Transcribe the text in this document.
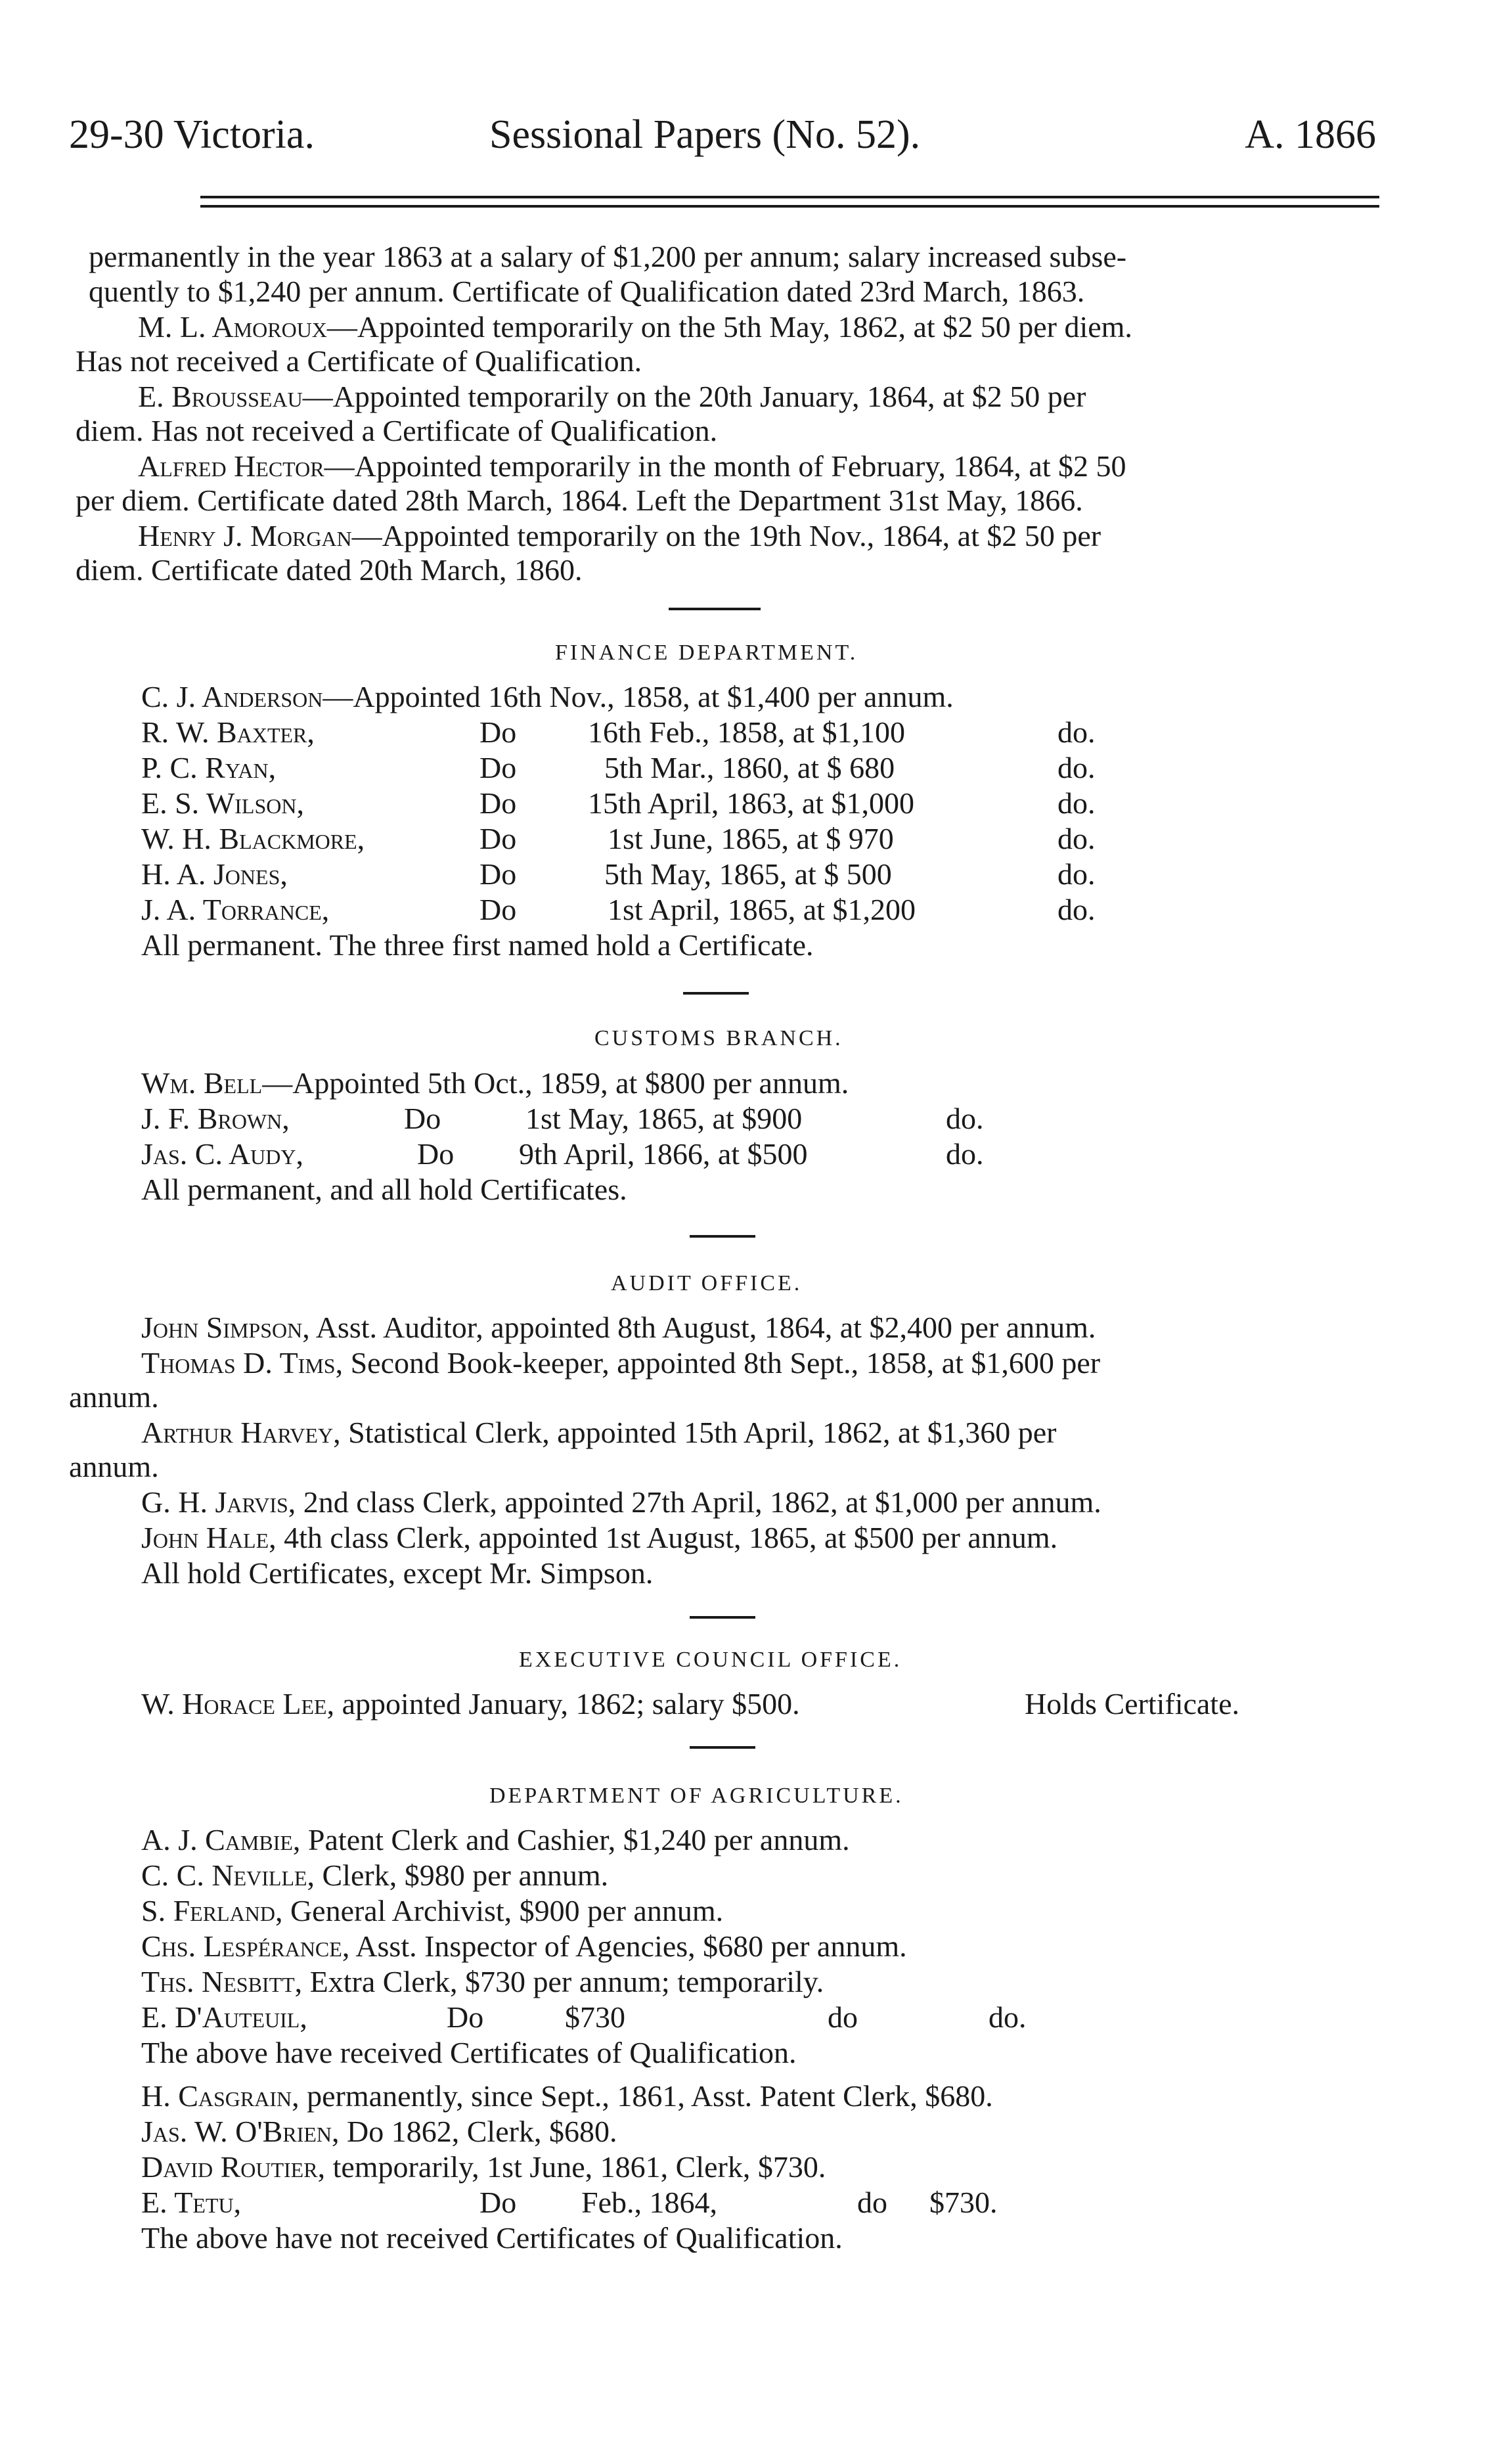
29-30 Victoria.	Sessional Papers (No. 52).	A. 1866
permanently in the year 1863 at a salary of $1,200 per annum; salary increased subse-
quently to $1,240 per annum. Certificate of Qualification dated 23rd March, 1863.
M. L. Amoroux—Appointed temporarily on the 5th May, 1862, at $2 50 per diem.
Has not received a Certificate of Qualification.
E. Brousseau—Appointed temporarily on the 20th January, 1864, at $2 50 per
diem. Has not received a Certificate of Qualification.
Alfred Hector—Appointed temporarily in the month of February, 1864, at $2 50
per diem. Certificate dated 28th March, 1864. Left the Department 31st May, 1866.
Henry J. Morgan—Appointed temporarily on the 19th Nov., 1864, at $2 50 per
diem. Certificate dated 20th March, 1860.
FINANCE DEPARTMENT.
C. J. Anderson—Appointed 16th Nov., 1858, at $1,400 per annum.
R. W. Baxter,	Do 16th Feb., 1858, at $1,100	do.
P. C. Ryan,	Do	5th Mar., 1860, at $ 680	do.
E. S. Wilson,	Do 15th April, 1863, at $1,000	do.
W. H. Blackmore,	Do	1st June, 1865, at $ 970	do.
H. A. Jones,	Do	5th May, 1865, at $ 500	do.
J. A. Torrance,	Do	1st April, 1865, at $1,200	do.
All permanent. The three first named hold a Certificate.
CUSTOMS BRANCH.
Wm. Bell—Appointed 5th Oct., 1859, at $800 per annum.
J. F. Brown,	Do	1st May, 1865, at $900	do.
Jas. C. Audy,	Do 9th April, 1866, at $500	do.
All permanent, and all hold Certificates.
AUDIT OFFICE.
John Simpson, Asst. Auditor, appointed 8th August, 1864, at $2,400 per annum.
Thomas D. Tims, Second Book-keeper, appointed 8th Sept., 1858, at $1,600 per
annum.
Arthur Harvey, Statistical Clerk, appointed 15th April, 1862, at $1,360 per
annum.
G. H. Jarvis, 2nd class Clerk, appointed 27th April, 1862, at $1,000 per annum.
John Hale, 4th class Clerk, appointed 1st August, 1865, at $500 per annum.
All hold Certificates, except Mr. Simpson.
EXECUTIVE COUNCIL OFFICE.
W. Horace Lee, appointed January, 1862; salary $500.	Holds Certificate.
DEPARTMENT OF AGRICULTURE.
A. J. Cambie, Patent Clerk and Cashier, $1,240 per annum.
C. C. Neville, Clerk, $980 per annum.
S. Ferland, General Archivist, $900 per annum.
Chs. Lespérance, Asst. Inspector of Agencies, $680 per annum.
Ths. Nesbitt, Extra Clerk, $730 per annum; temporarily.
E. D'Auteuil,	Do	$730	do	do.
The above have received Certificates of Qualification.
H. Casgrain, permanently, since Sept., 1861, Asst. Patent Clerk, $680.
Jas. W. O'Brien, Do 1862, Clerk, $680.
David Routier, temporarily, 1st June, 1861, Clerk, $730.
E. Tetu,	Do Feb., 1864,	do $730.
The above have not received Certificates of Qualification.
